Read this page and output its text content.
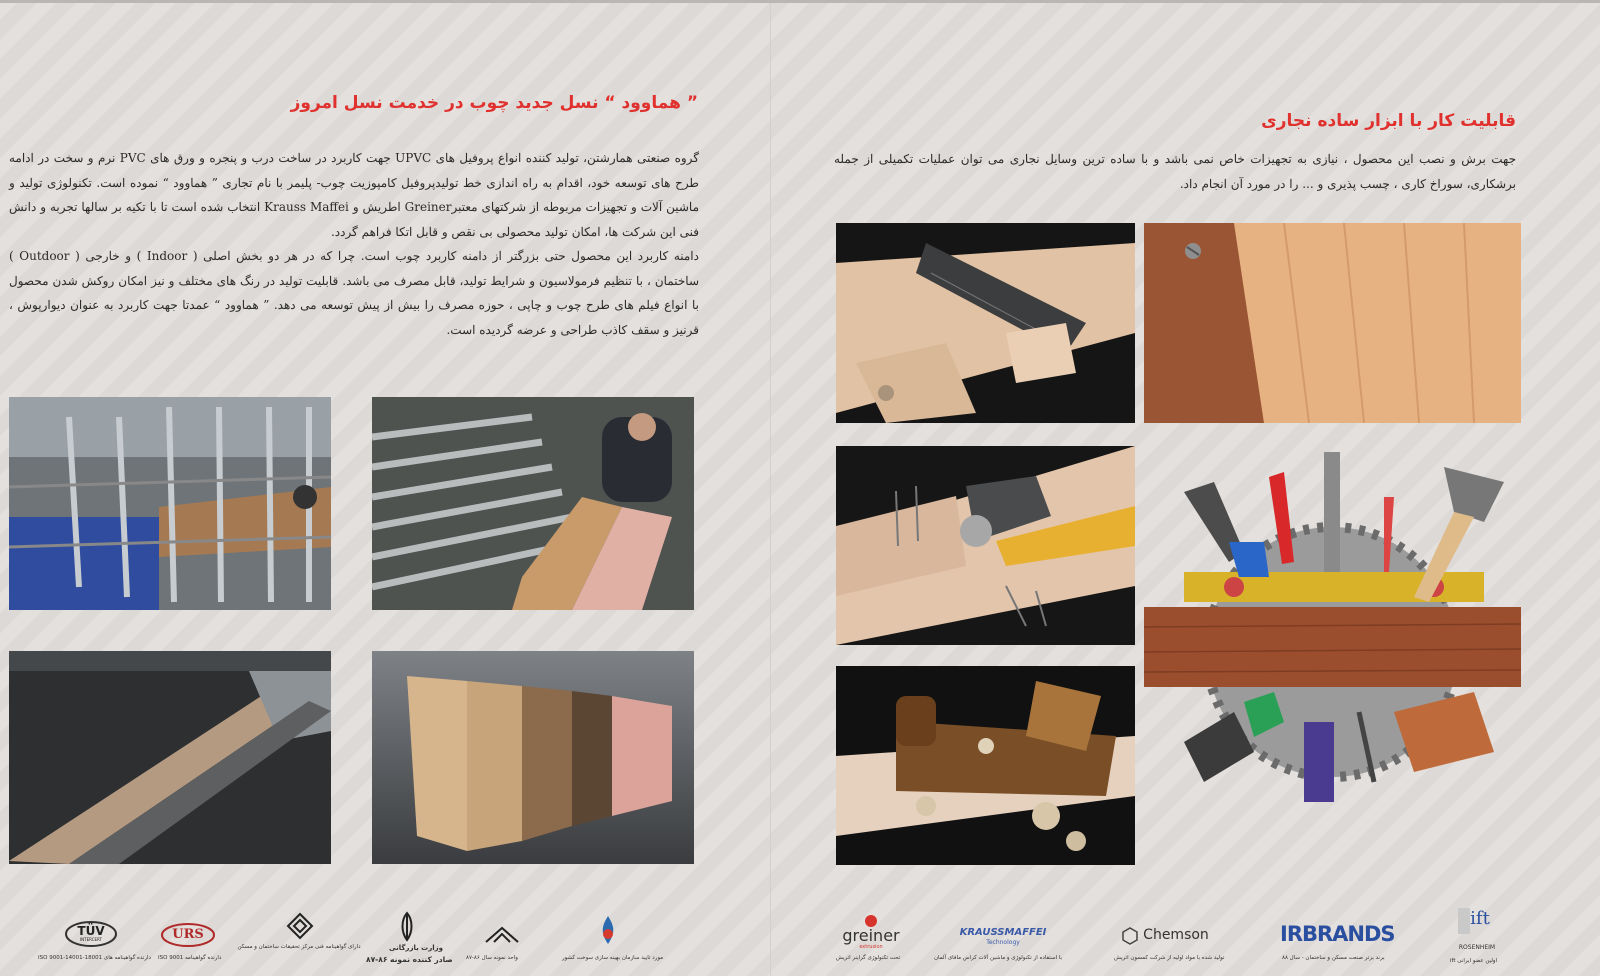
” هماوود “ نسل جدید چوب در خدمت نسل امروز
گروه صنعتی همارشتن، تولید کننده انواع پروفیل های UPVC جهت کاربرد در ساخت درب و پنجره و ورق های PVC نرم و سخت در ادامه طرح های توسعه خود، اقدام به راه اندازی خط تولیدپروفیل کامپوزیت چوب- پلیمر با نام تجاری ” هماوود “ نموده است. تکنولوژی تولید و ماشین آلات و تجهیزات مربوطه از شرکتهای معتبرGreiner اطریش و Krauss Maffei انتخاب شده است تا با تکیه بر سالها تجربه و دانش فنی این شرکت ها، امکان تولید محصولی بی نقص و قابل اتکا فراهم گردد.
دامنه کاربرد این محصول حتی بزرگتر از دامنه کاربرد چوب است. چرا که در هر دو بخش اصلی ( Indoor ) و خارجی ( Outdoor ) ساختمان ، با تنظیم فرمولاسیون و شرایط تولید، قابل مصرف می باشد. قابلیت تولید در رنگ های مختلف و نیز امکان روکش شدن محصول با انواع فیلم های طرح چوب و چاپی ، حوزه مصرف را بیش از پیش توسعه می دهد. ” هماوود “ عمدتا جهت کاربرد به عنوان دیوارپوش ، قرنیز و سقف کاذب طراحی و عرضه گردیده است.
TÜV
INTERCERT
دارنده گواهینامه های ISO 9001-14001-18001
URS
دارنده گواهینامه ISO 9001
دارای گواهینامه فنی مرکز تحقیقات ساختمان و مسکن	وزارت بازرگانی
صادر کننده نمونه ۸۶-۸۷ واحد نمونه سال ۸۶-۸۷	مورد تایید سازمان بهینه سازی سوخت کشور
قابلیت کار با ابزار ساده نجاری
جهت برش و نصب این محصول ، نیازی به تجهیزات خاص نمی باشد و با ساده ترین وسایل نجاری می توان عملیات تکمیلی از جمله برشکاری، سوراخ کاری ، چسب پذیری و ... را در مورد آن انجام داد.
greiner
extrusion
تحت تکنولوژی گراینر اتریش
KRAUSSMAFFEI
Technology
با استفاده از تکنولوژی و ماشین آلات کراس مافای آلمان
Chemson
تولید شده با مواد اولیه از شرکت کمسون اتریش
IRBRANDS
برند برتر صنعت مسکن و ساختمان - سال ۸۸
ift
ROSENHEIM
اولین عضو ایرانی ift
